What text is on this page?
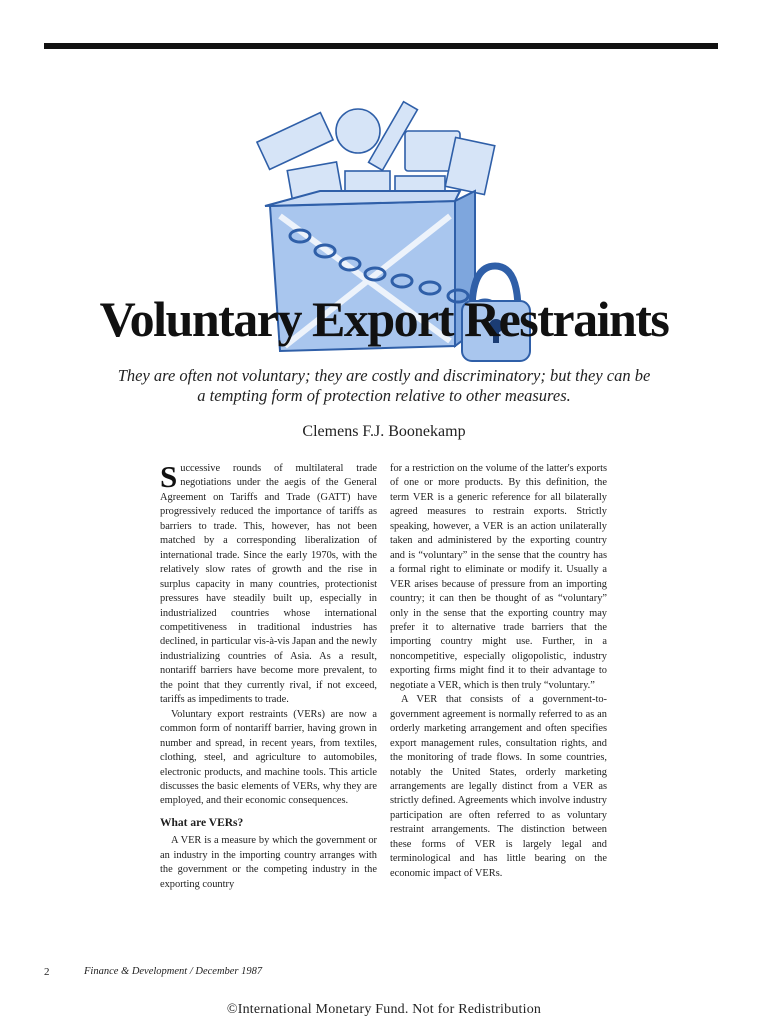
Voluntary Export Restraints
They are often not voluntary; they are costly and discriminatory; but they can be
a tempting form of protection relative to other measures.
Clemens F.J. Boonekamp

Successive rounds of multilateral trade negotiations under the aegis of the General Agreement on Tariffs and Trade (GATT) have progressively reduced the importance of tariffs as barriers to trade. This, however, has not been matched by a corresponding liberalization of international trade. Since the early 1970s, with the relatively slow rates of growth and the rise in surplus capacity in many countries, protectionist pressures have steadily built up, especially in industrialized countries whose international competitiveness in traditional industries has declined, in particular vis-à-vis Japan and the newly industrializing countries of Asia. As a result, nontariff barriers have become more prevalent, to the point that they currently rival, if not exceed, tariffs as impediments to trade.

Voluntary export restraints (VERs) are now a common form of nontariff barrier, having grown in number and spread, in recent years, from textiles, clothing, steel, and agriculture to automobiles, electronic products, and machine tools. This article discusses the basic elements of VERs, why they are employed, and their economic consequences.

What are VERs?

A VER is a measure by which the government or an industry in the importing country arranges with the government or the competing industry in the exporting country

for a restriction on the volume of the latter's exports of one or more products. By this definition, the term VER is a generic reference for all bilaterally agreed measures to restrain exports. Strictly speaking, however, a VER is an action unilaterally taken and administered by the exporting country and is “voluntary” in the sense that the country has a formal right to eliminate or modify it. Usually a VER arises because of pressure from an importing country; it can then be thought of as “voluntary” only in the sense that the exporting country may prefer it to alternative trade barriers that the importing country might use. Further, in a noncompetitive, especially oligopolistic, industry exporting firms might find it to their advantage to negotiate a VER, which is then truly “voluntary.”

A VER that consists of a government-to-government agreement is normally referred to as an orderly marketing arrangement and often specifies export management rules, consultation rights, and the monitoring of trade flows. In some countries, notably the United States, orderly marketing arrangements are legally distinct from a VER as strictly defined. Agreements which involve industry participation are often referred to as voluntary restraint arrangements. The distinction between these forms of VER is largely legal and terminological and has little bearing on the economic impact of VERs.

2	Finance & Development / December 1987
©International Monetary Fund. Not for Redistribution
